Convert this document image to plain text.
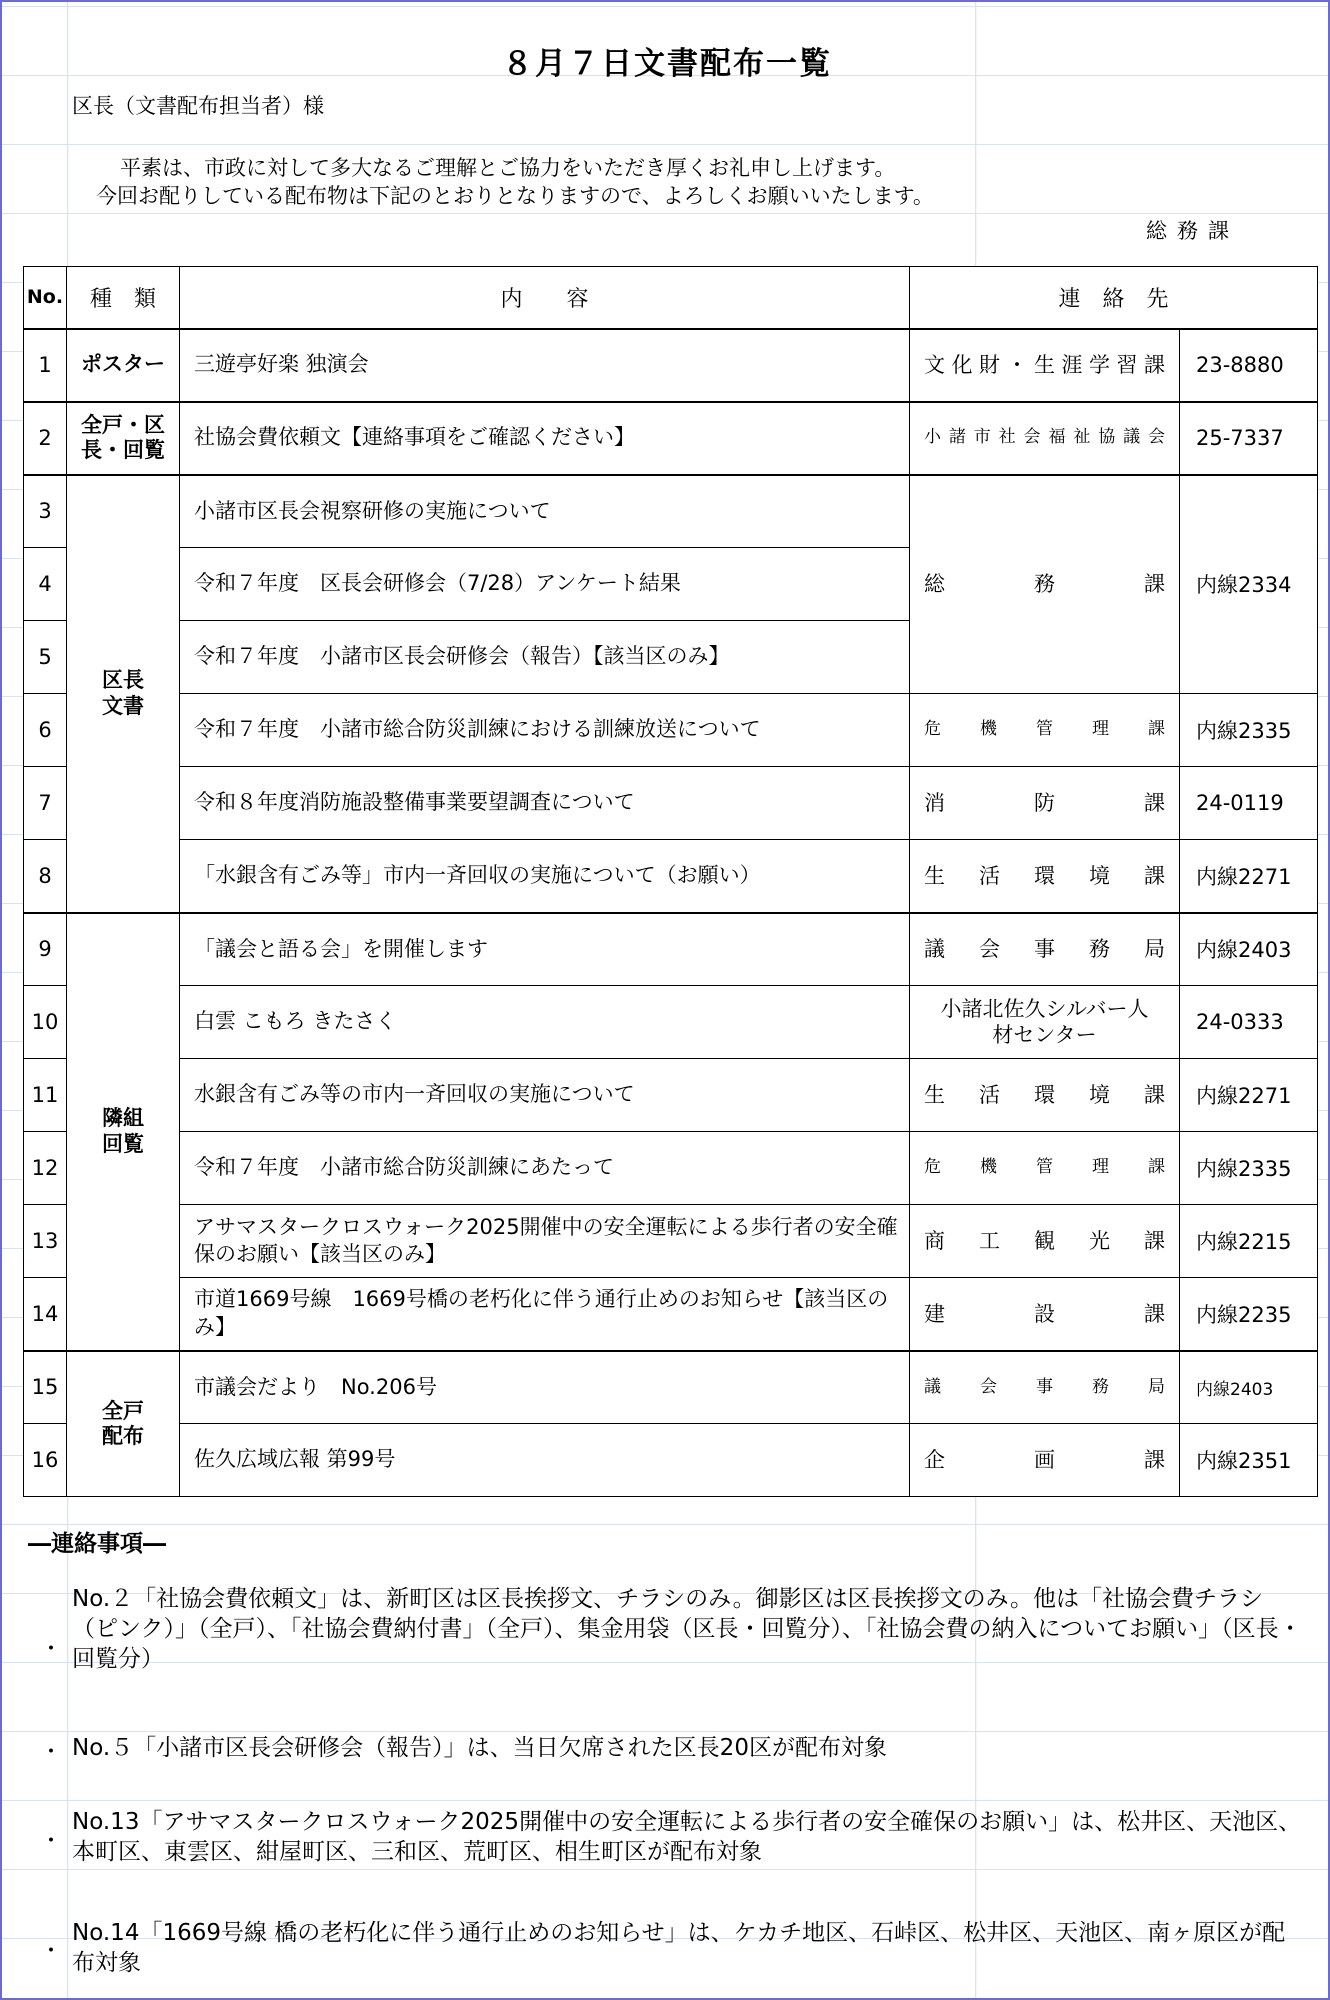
８月７日文書配布一覧
区長（文書配布担当者）様
平素は、市政に対して多大なるご理解とご協力をいただき厚くお礼申し上げます。
今回お配りしている配布物は下記のとおりとなりますので、よろしくお願いいたします。
総務課
No.	種　類	内　　容	連　絡　先	
1	ポスター	三遊亭好楽 独演会	文化財・生涯学習課	23-8880
2	全戸・区長・回覧	社協会費依頼文【連絡事項をご確認ください】	小諸市社会福祉協議会	25-7337
3	区長文書	小諸市区長会視察研修の実施について	総務課	内線2334
4		令和７年度　区長会研修会（7/28）アンケート結果		
5		令和７年度　小諸市区長会研修会（報告）【該当区のみ】		
6		令和７年度　小諸市総合防災訓練における訓練放送について	危機管理課	内線2335
7		令和８年度消防施設整備事業要望調査について	消防課	24-0119
8		「水銀含有ごみ等」市内一斉回収の実施について（お願い）	生活環境課	内線2271
9	隣組回覧	「議会と語る会」を開催します	議会事務局	内線2403
10		白雲 こもろ きたさく	小諸北佐久シルバー人材センター	24-0333
11		水銀含有ごみ等の市内一斉回収の実施について	生活環境課	内線2271
12		令和７年度　小諸市総合防災訓練にあたって	危機管理課	内線2335
13		アサマスタークロスウォーク2025開催中の安全運転による歩行者の安全確保のお願い【該当区のみ】	商工観光課	内線2215
14		市道1669号線　1669号橋の老朽化に伴う通行止めのお知らせ【該当区のみ】	建設課	内線2235
15	全戸配布	市議会だより　No.206号	議会事務局	内線2403
16		佐久広域広報 第99号	企画課	内線2351
―連絡事項―
・
No.２「社協会費依頼文」は、新町区は区長挨拶文、チラシのみ。御影区は区長挨拶文のみ。他は「社協会費チラシ（ピンク）」（全戸）、「社協会費納付書」（全戸）、集金用袋（区長・回覧分）、「社協会費の納入についてお願い」（区長・回覧分）
・ No.５「小諸市区長会研修会（報告）」は、当日欠席された区長20区が配布対象
・
No.13「アサマスタークロスウォーク2025開催中の安全運転による歩行者の安全確保のお願い」は、松井区、天池区、本町区、東雲区、紺屋町区、三和区、荒町区、相生町区が配布対象
・
No.14「1669号線 橋の老朽化に伴う通行止めのお知らせ」は、ケカチ地区、石峠区、松井区、天池区、南ヶ原区が配布対象
